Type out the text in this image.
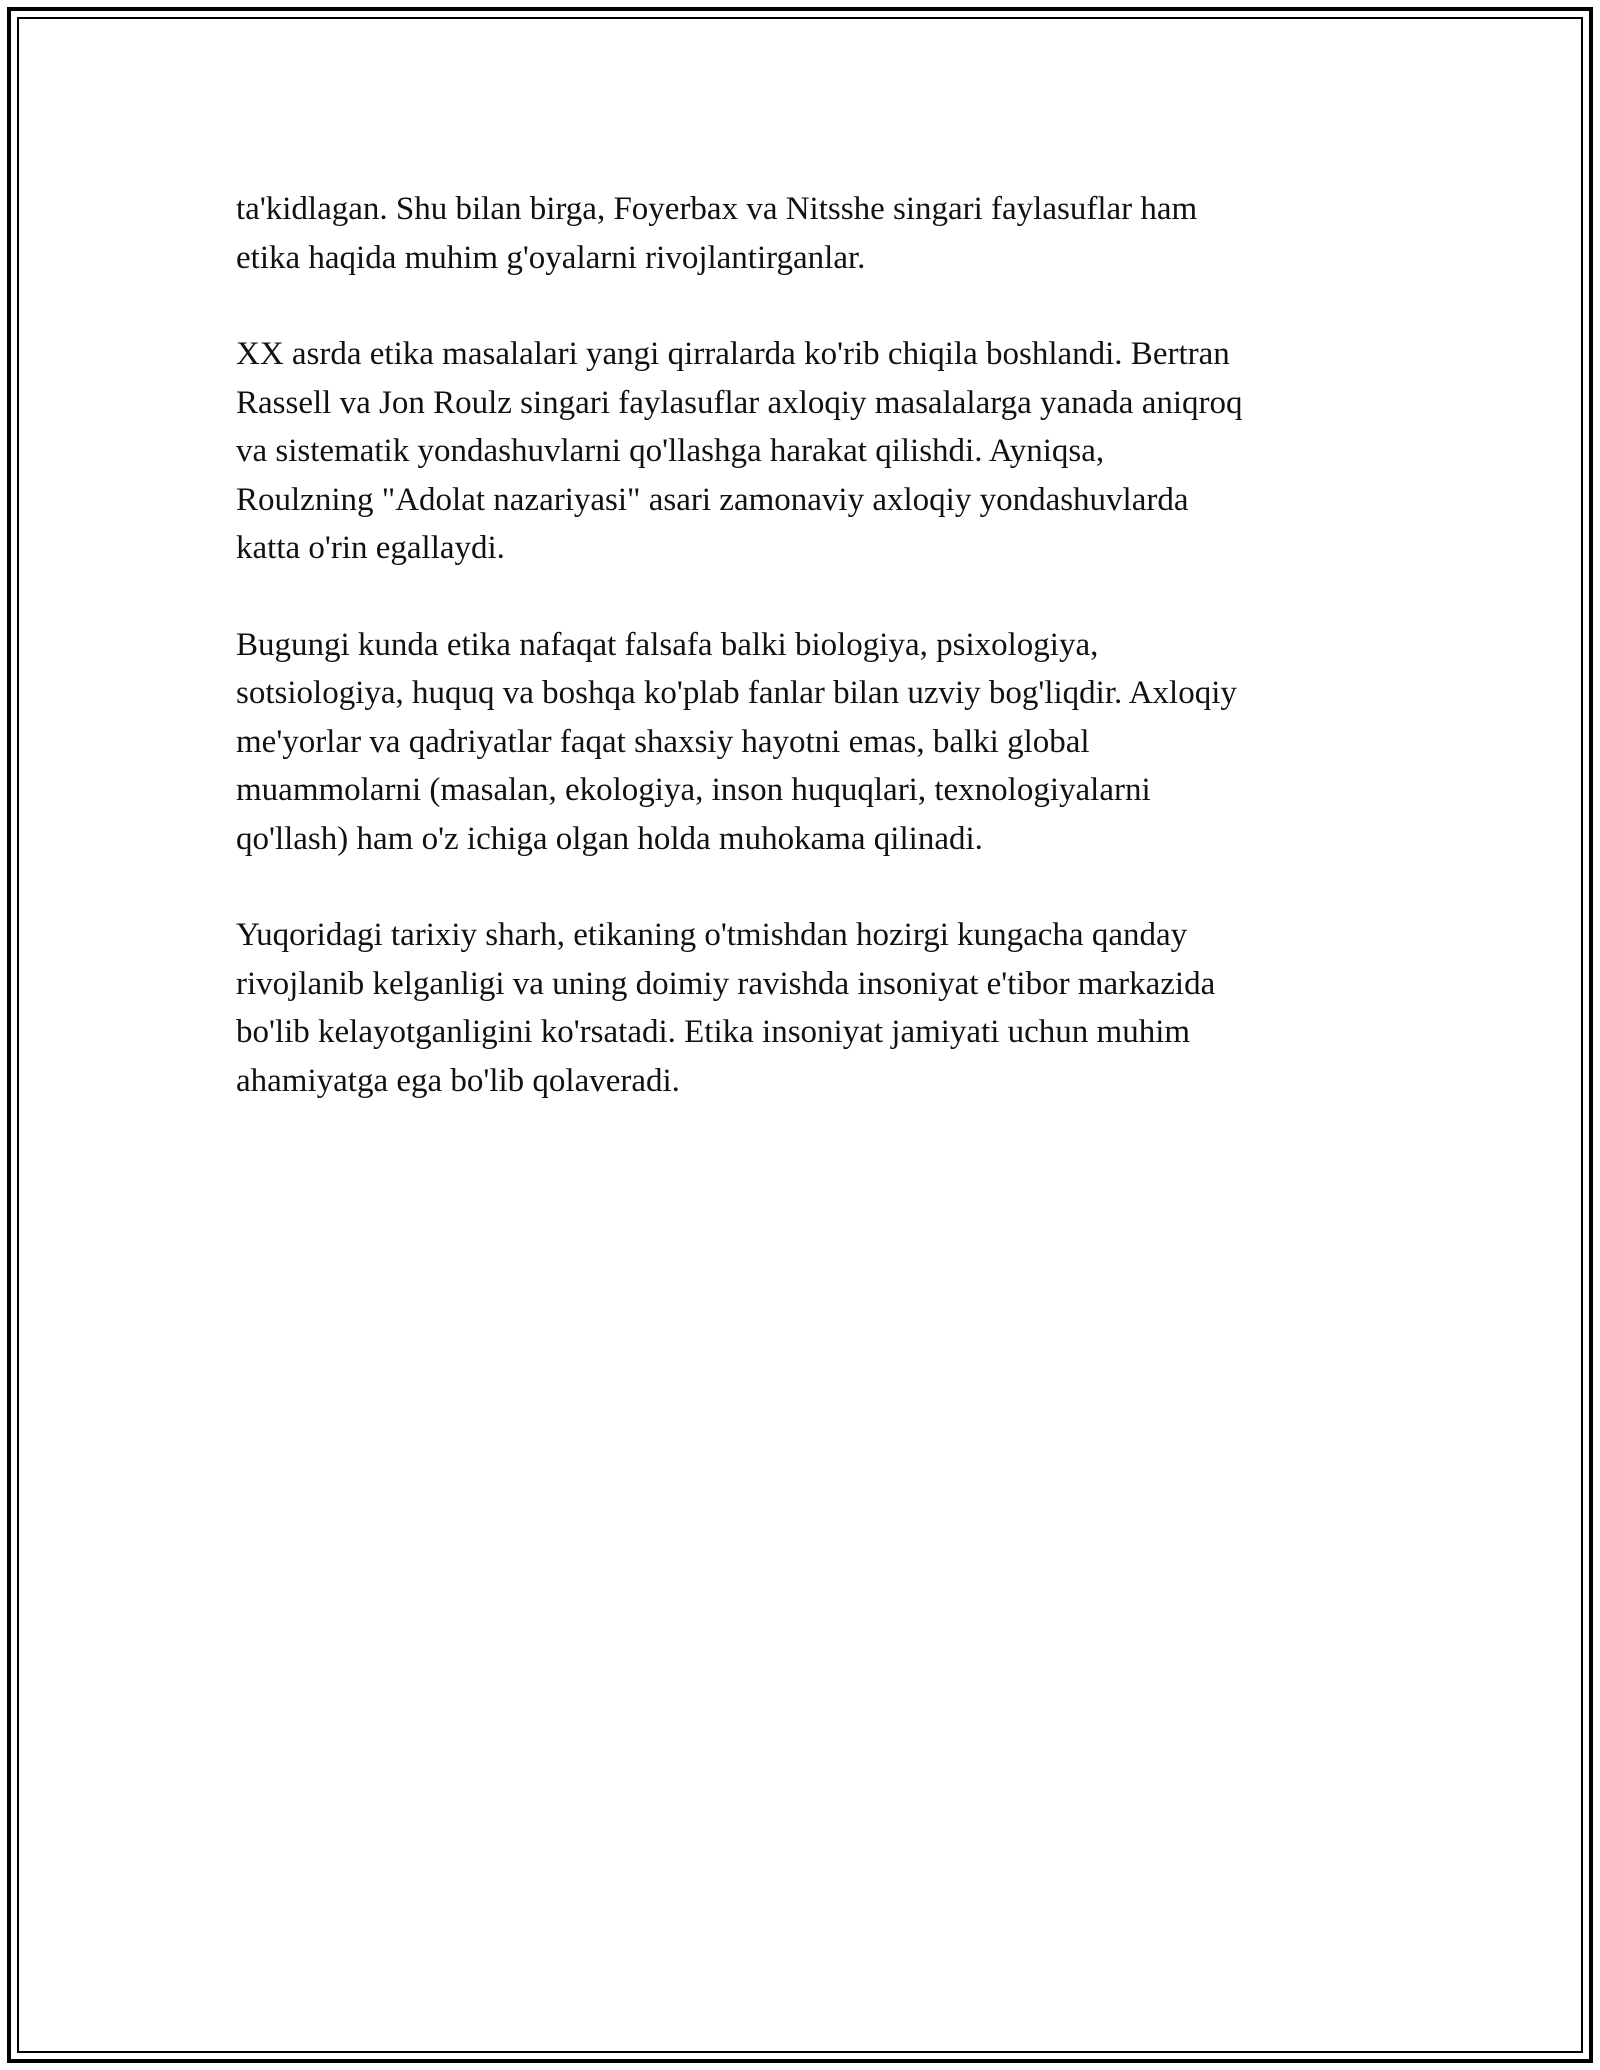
ta'kidlagan. Shu bilan birga, Foyerbax va Nitsshe singari faylasuflar ham
etika haqida muhim g'oyalarni rivojlantirganlar.

XX asrda etika masalalari yangi qirralarda ko'rib chiqila boshlandi. Bertran
Rassell va Jon Roulz singari faylasuflar axloqiy masalalarga yanada aniqroq
va sistematik yondashuvlarni qo'llashga harakat qilishdi. Ayniqsa,
Roulzning "Adolat nazariyasi" asari zamonaviy axloqiy yondashuvlarda
katta o'rin egallaydi.

Bugungi kunda etika nafaqat falsafa balki biologiya, psixologiya,
sotsiologiya, huquq va boshqa ko'plab fanlar bilan uzviy bog'liqdir. Axloqiy
me'yorlar va qadriyatlar faqat shaxsiy hayotni emas, balki global
muammolarni (masalan, ekologiya, inson huquqlari, texnologiyalarni
qo'llash) ham o'z ichiga olgan holda muhokama qilinadi.

Yuqoridagi tarixiy sharh, etikaning o'tmishdan hozirgi kungacha qanday
rivojlanib kelganligi va uning doimiy ravishda insoniyat e'tibor markazida
bo'lib kelayotganligini ko'rsatadi. Etika insoniyat jamiyati uchun muhim
ahamiyatga ega bo'lib qolaveradi.
